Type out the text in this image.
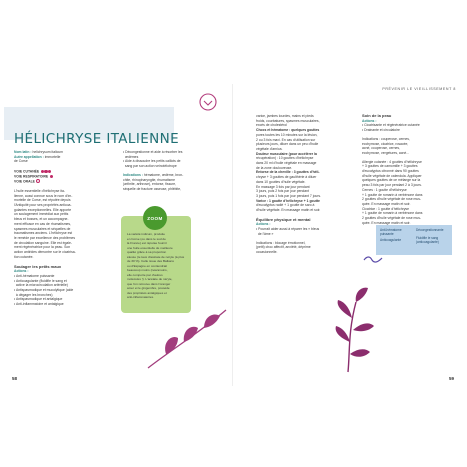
HÉLICHRYSE ITALIENNE

Nom latin : helichrysum italicum

Autre appellation : immortelle

de Corse

VOIE CUTANÉE

VOIE RESPIRATOIRE

VOIE ORALE

L'huile essentielle d'hélichryse ita-

lienne, aussi connue sous le nom d'im-

mortelle de Corse, est réputée depuis

l'Antiquité pour ses propriétés anticoa-

gulantes exceptionnelles. Elle apporte

un soulagement immédiat aux petits

bleus et bosses, et un accompagne-

ment efficace en cas de rhumatismes,

spasmes musculaires et séquelles de

traumatismes anciens. L'hélichryse est

le remède par excellence des problèmes

de circulation sanguine. Elle est égale-

ment régénératrice pour la peau. Son

action antirides démontre sur le cicatrisa-

tion cutanée.

Soulager les petits maux

Actions :

• Anti-hématome puissante

• Anticoagulante (fluidifie le sang et

active la microcirculation artérielle)

• Antispasmodique et mucolytique (aide

à dégager les bronches)

• Antispasmodique et antalgique

• Anti-inflammatoire et antalgique

• Décongestionne et aide à résorber les

œdèmes

• Aide à dissoudre les petits caillots de

sang par son action veinotélotrope

Indications : hématome, œdème, bron-

chite, rhinopharyngite, rhumatisme

(arthrite, arthrose), entorse, fissure,

séquelle de fracture osseuse, phlébite,

ZOOM

La variété indicum, produite

en Corse (ou dans le sud de

la France) est réputée fournir

une huile essentielle de meilleure

qualité grâce à sa proportion

élevée (le taux d'acétate de néryle (à plus

de 30 %). Celle issue des Balkans

ou d'Espagne en contiendrait

beaucoup moins (néanmoins,

elle comporte par d'autres

molécules !). L'acétate de néryle,

que l'on retrouve dans l'oranger

amer et le gingembre, possède

des propriétés antalgiques et

anti-inflammatoires.

58
PRÉVENIR LE VIEILLISSEMENT 8

varice, jambes lourdes, mains et pieds

froids, courbatures, spasmes musculaires,

excès de cholestérol

Chocs et hématome : quelques gouttes

pures toutes les 10 minutes sur la lésion,

2 ou 3 fois maxi. En cas d'utilisation sur

plusieurs jours, diluer dans un peu d'huile

végétale d'arnica.

Douleur musculaire (pour accélérer la

récupération) : 10 gouttes d'hélichryse

dans 20 ml d'huile végétale en massage

de la zone douloureuse.

Entorse de la cheville : 3 gouttes d'héli-

chryse + 3 gouttes de gaulthérie à diluer

dans 10 gouttes d'huile végétale.

En massage 3 fois par jour pendant

3 jours, puis 2 fois par jour pendant

3 jours, puis 1 fois par jour pendant 7 jours.

Varice : 1 goutte d'hélichryse + 1 goutte

d'eucalyptus radié + 1 goutte de saro à

d'huile végétale. En massage matin et soir.

Équilibre physique et mental

Actions :

• Pourrait aider aussi à réparer les « bleus

de l'âme »

Indications : blocage émotionnel,

(petit) choc affectif, anxiété, déprime

occasionnelle.

Soin de la peau

Actions :

• Cicatrisante et régénératrice cutanée

• Drainante et circulatoire

Indications : couperose, cernes,

ecchymose, cicatrice, rosacée,

acné, couperose, cernes,

ecchymose, vergetures, acné...

Allergie cutanée : 4 gouttes d'hélichryse

+ 3 gouttes de camomille + 3 gouttes

d'eucalyptus citronné dans 90 gouttes

d'huile végétale de calendula. Appliquer

quelques gouttes de ce mélange sur la

peau 3 fois par jour pendant 2 à 3 jours.

Cernes : 1 goutte d'hélichryse

+ 1 goutte de romarin à verbénone dans

2 gouttes d'huile végétale de rose mus-

quée. En massage matin et soir.

Cicatrice : 1 goutte d'hélichryse

+ 1 goutte de romarin à verbénone dans

2 gouttes d'huile végétale de rose mus-

quée. En massage matin et soir.

Anti-hématome
puissante
Anticoagulante
Décongestionnante
Fluidifie le sang
(anticoagulante)
59
